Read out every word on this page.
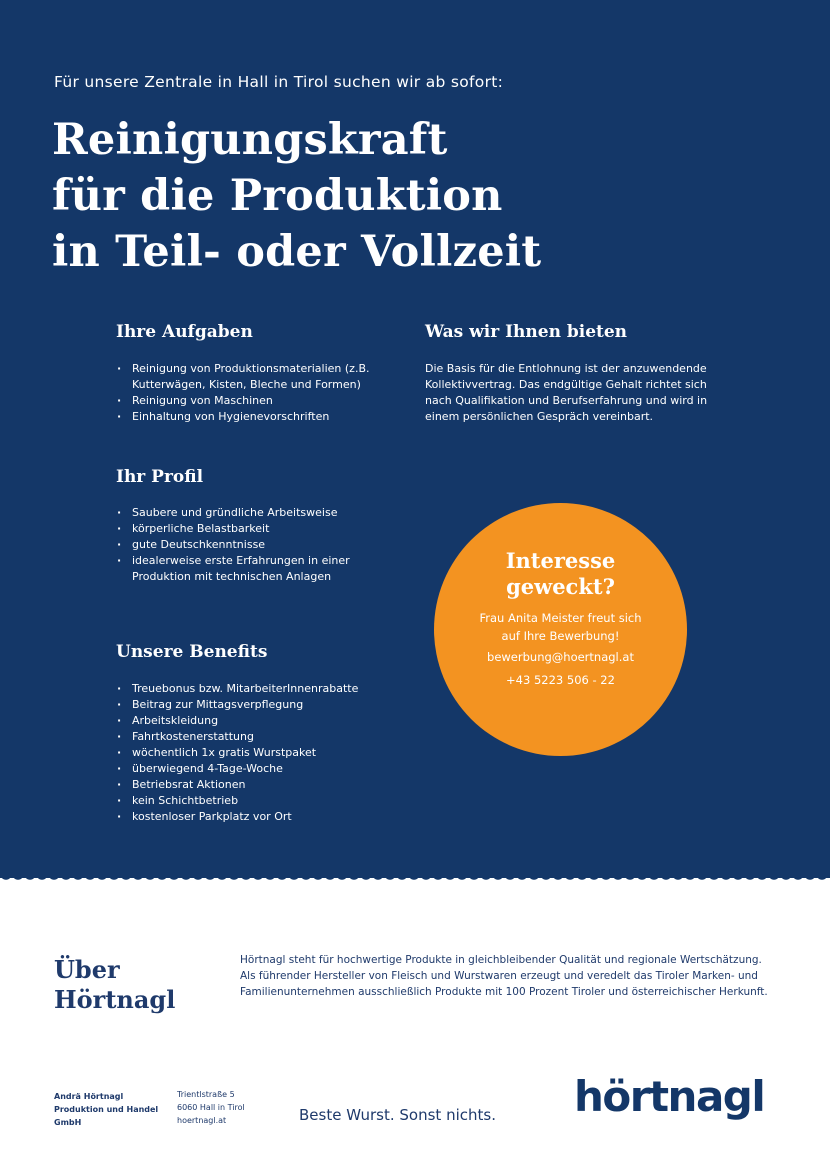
Für unsere Zentrale in Hall in Tirol suchen wir ab sofort:

Reinigungskraft
für die Produktion
in Teil- oder Vollzeit
Ihre Aufgaben
· Reinigung von Produktionsmaterialien (z.B. Kutterwägen, Kisten, Bleche und Formen)
· Reinigung von Maschinen
· Einhaltung von Hygienevorschriften
Was wir Ihnen bieten

Die Basis für die Entlohnung ist der anzuwendende Kollektivvertrag. Das endgültige Gehalt richtet sich nach Qualifikation und Berufserfahrung und wird in einem persönlichen Gespräch vereinbart.

Ihr Profil
· Saubere und gründliche Arbeitsweise
· körperliche Belastbarkeit
· gute Deutschkenntnisse
· idealerweise erste Erfahrungen in einer Produktion mit technischen Anlagen
Unsere Benefits
· Treuebonus bzw. MitarbeiterInnenrabatte
· Beitrag zur Mittagsverpflegung
· Arbeitskleidung
· Fahrtkostenerstattung
· wöchentlich 1x gratis Wurstpaket
· überwiegend 4-Tage-Woche
· Betriebsrat Aktionen
· kein Schichtbetrieb
· kostenloser Parkplatz vor Ort
Interesse
geweckt?
Frau Anita Meister freut sich
auf Ihre Bewerbung!
bewerbung@hoertnagl.at
+43 5223 506 - 22
Über
Hörtnagl

Hörtnagl steht für hochwertige Produkte in gleichbleibender Qualität und regionale Wertschätzung. Als führender Hersteller von Fleisch und Wurstwaren erzeugt und veredelt das Tiroler Marken- und Familienunternehmen ausschließlich Produkte mit 100 Prozent Tiroler und österreichischer Herkunft.

Andrä Hörtnagl
Produktion und Handel
GmbH
Trientlstraße 5
6060 Hall in Tirol
hoertnagl.at	Beste Wurst. Sonst nichts. hörtnagl
